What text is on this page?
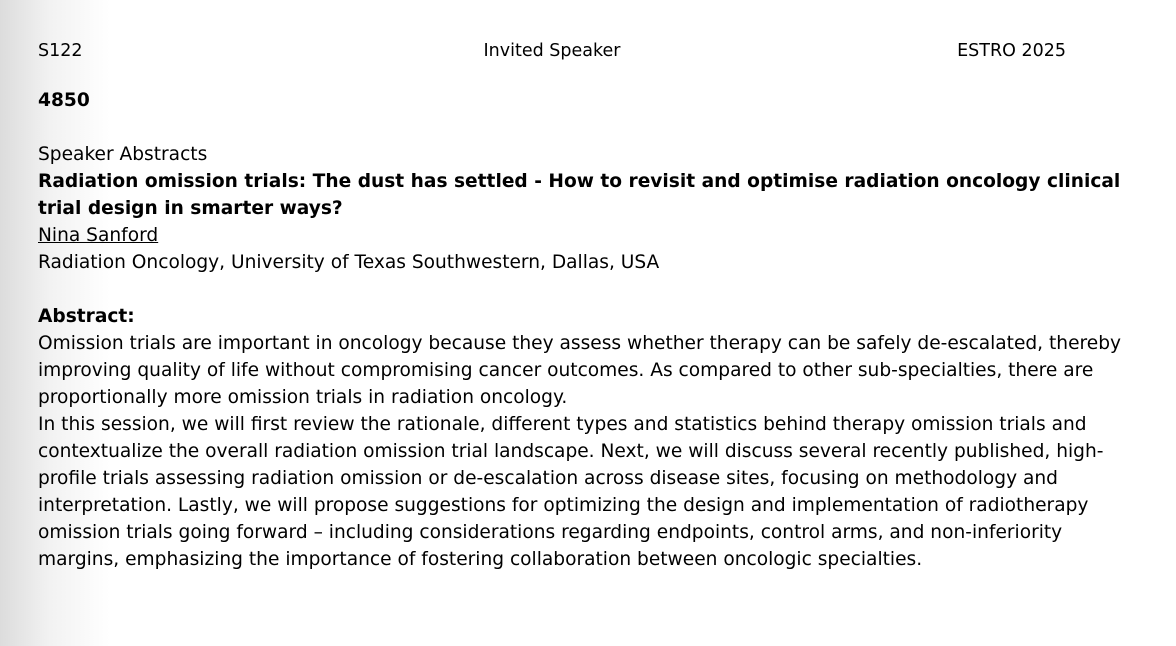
S122	Invited Speaker	ESTRO 2025

4850

Speaker Abstracts

Radiation omission trials: The dust has settled - How to revisit and optimise radiation oncology clinical trial design in smarter ways?

Nina Sanford

Radiation Oncology, University of Texas Southwestern, Dallas, USA

Abstract:

Omission trials are important in oncology because they assess whether therapy can be safely de-escalated, thereby improving quality of life without compromising cancer outcomes. As compared to other sub-specialties, there are proportionally more omission trials in radiation oncology.

In this session, we will first review the rationale, different types and statistics behind therapy omission trials and contextualize the overall radiation omission trial landscape. Next, we will discuss several recently published, high-profile trials assessing radiation omission or de-escalation across disease sites, focusing on methodology and interpretation. Lastly, we will propose suggestions for optimizing the design and implementation of radiotherapy omission trials going forward – including considerations regarding endpoints, control arms, and non-inferiority margins, emphasizing the importance of fostering collaboration between oncologic specialties.
